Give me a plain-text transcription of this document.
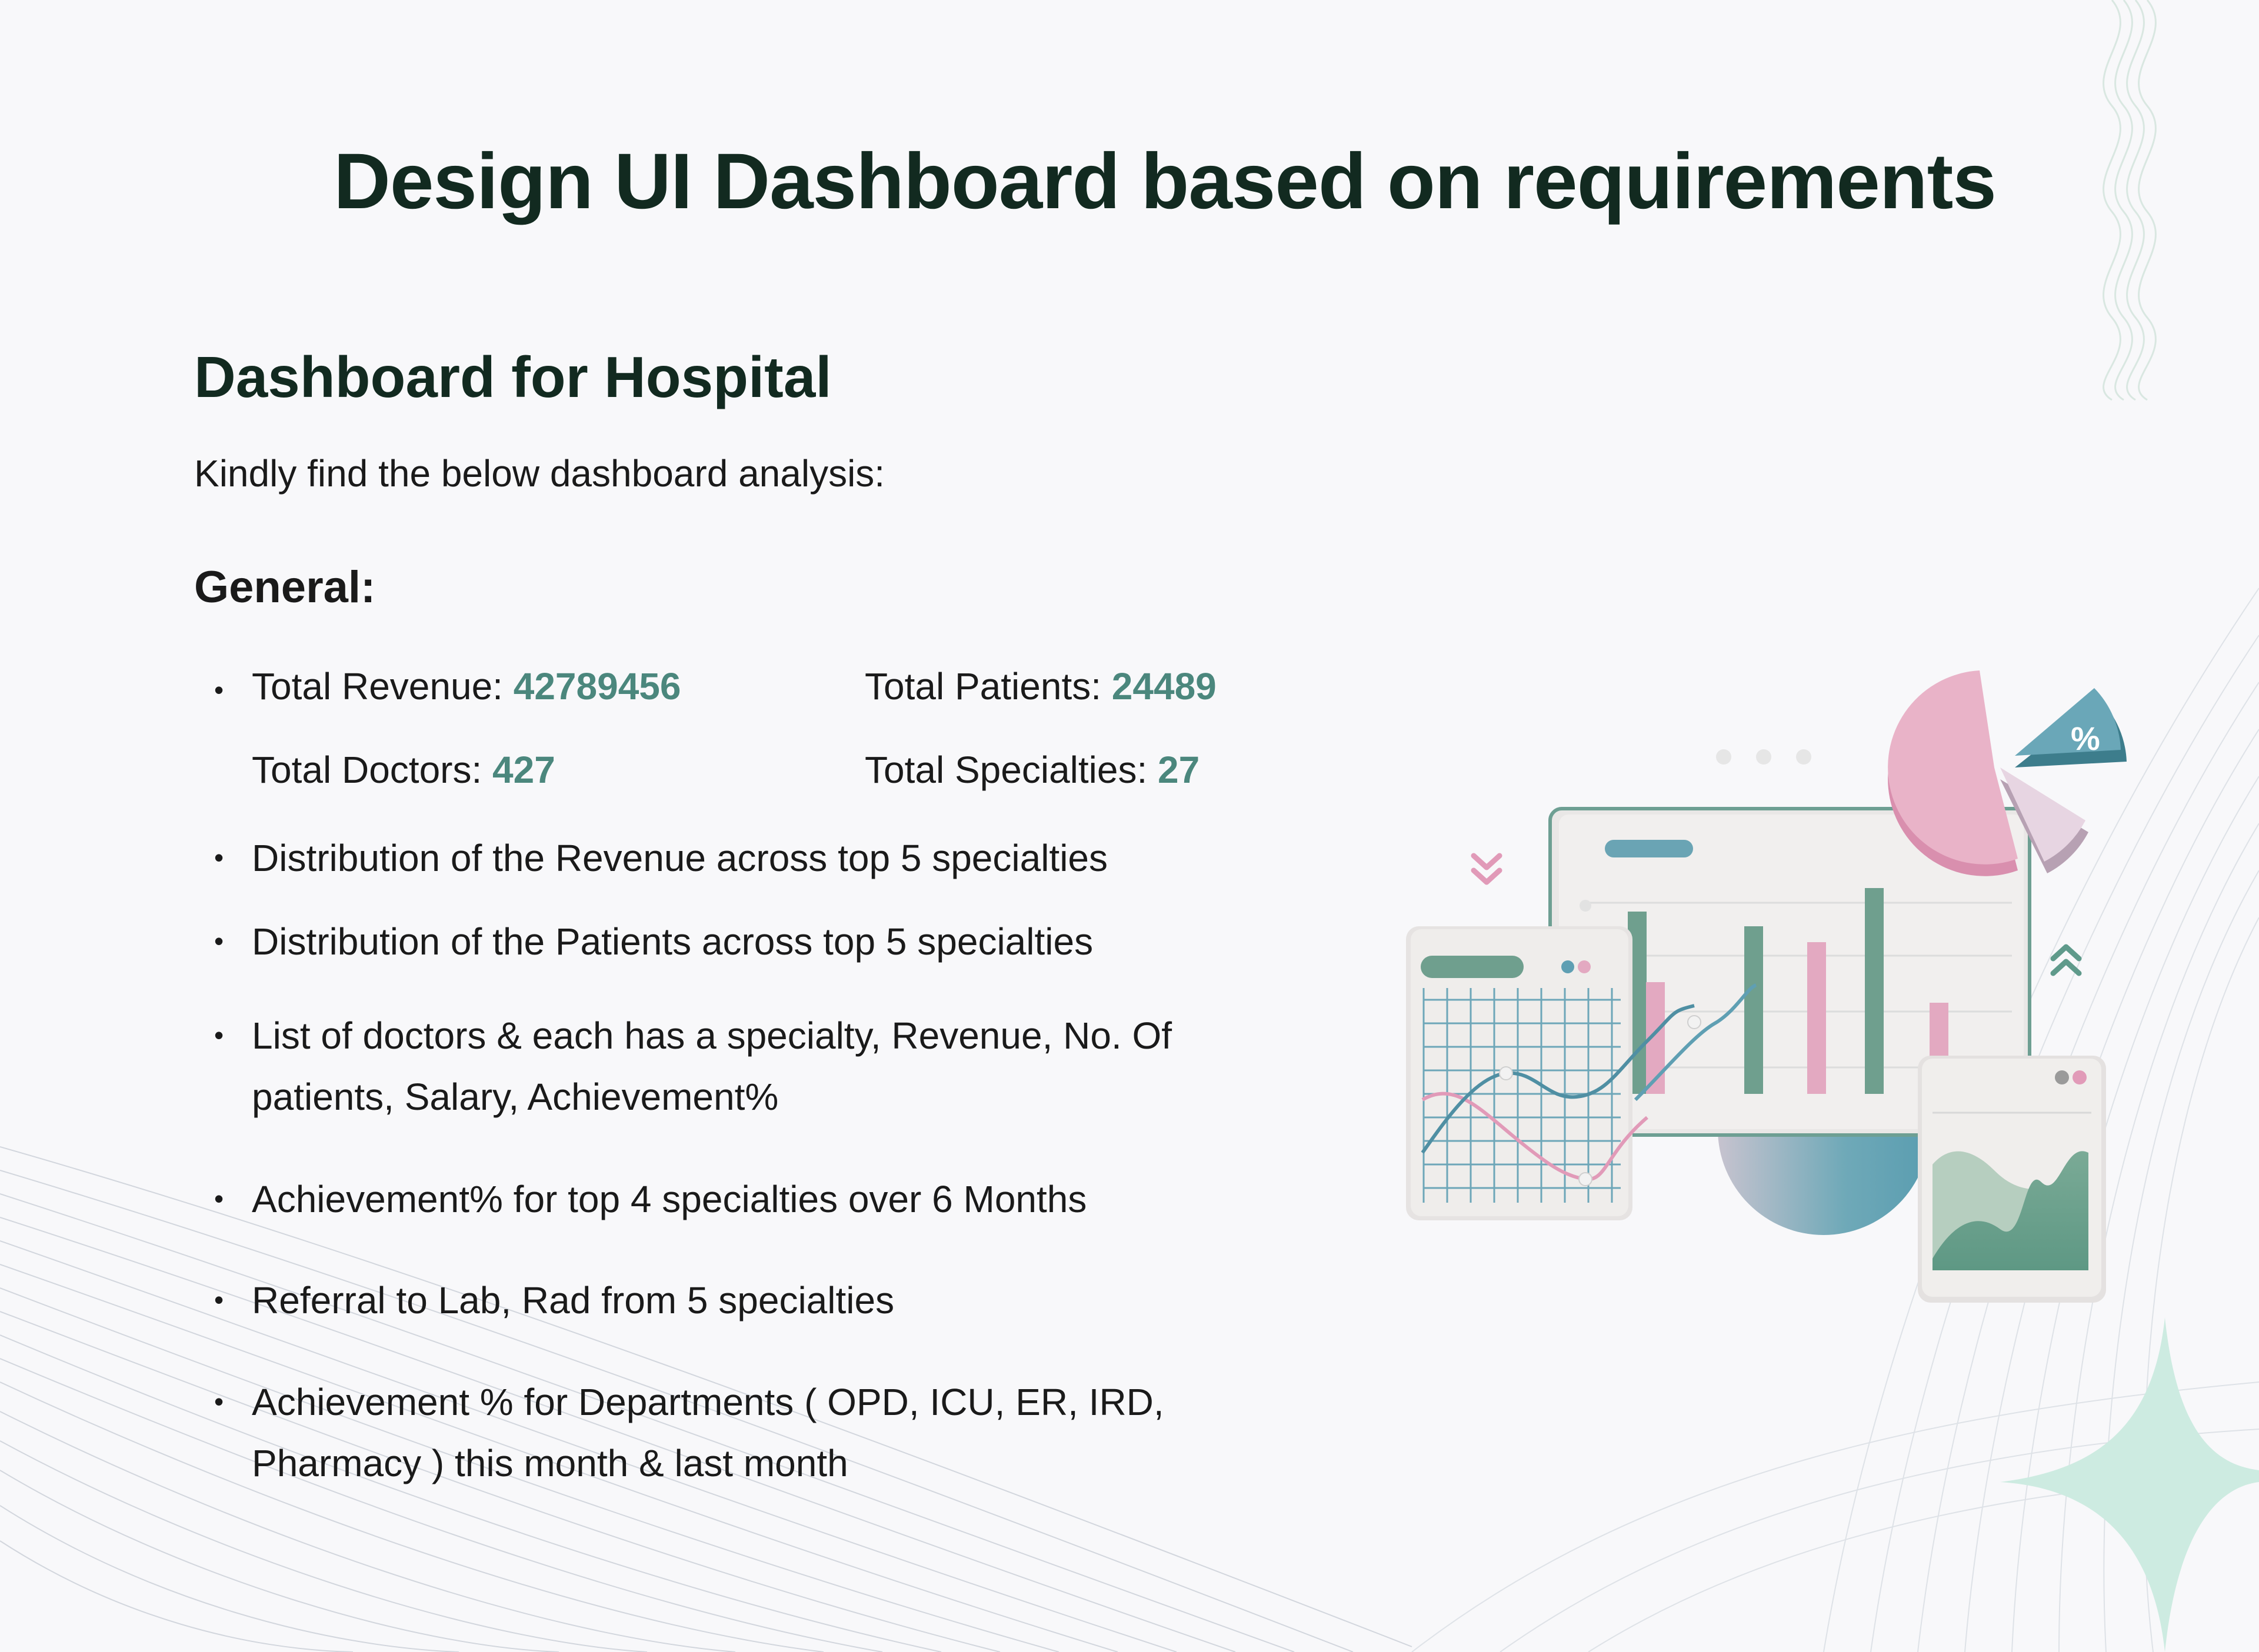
Design UI Dashboard based on requirements
Dashboard for Hospital

Kindly find the below dashboard analysis:

General:
•
Total Revenue: 42789456	Total Patients: 24489
Total Doctors: 427	Total Specialties: 27
•
Distribution of the Revenue across top 5 specialties
•
Distribution of the Patients across top 5 specialties
•
List of doctors & each has a specialty, Revenue, No. Of patients, Salary, Achievement%
•
Achievement% for top 4 specialties over 6 Months
•
Referral to Lab, Rad from 5 specialties
•
Achievement % for Departments ( OPD, ICU, ER, IRD, Pharmacy ) this month & last month
%
